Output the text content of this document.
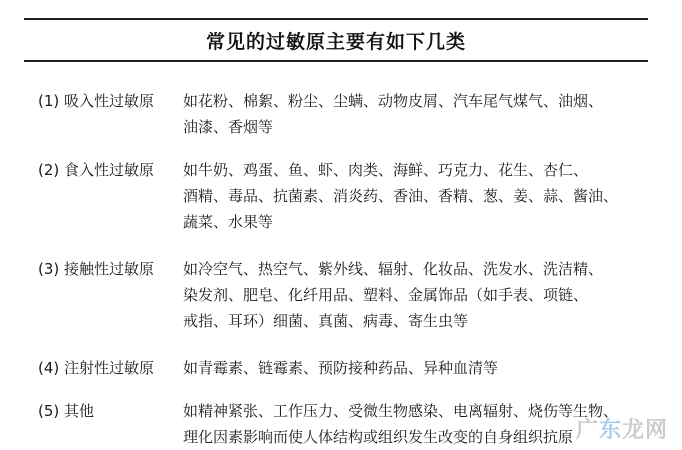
常见的过敏原主要有如下几类
(1) 吸入性过敏原 如花粉、棉絮、粉尘、尘螨、动物皮屑、汽车尾气煤气、油烟、
油漆、香烟等
(2) 食入性过敏原 如牛奶、鸡蛋、鱼、虾、肉类、海鲜、巧克力、花生、杏仁、
酒精、毒品、抗菌素、消炎药、香油、香精、葱、姜、蒜、酱油、
蔬菜、水果等
(3) 接触性过敏原 如冷空气、热空气、紫外线、辐射、化妆品、洗发水、洗洁精、
染发剂、肥皂、化纤用品、塑料、金属饰品（如手表、项链、
戒指、耳环）细菌、真菌、病毒、寄生虫等
(4) 注射性过敏原 如青霉素、链霉素、预防接种药品、异种血清等
(5) 其他	如精神紧张、工作压力、受微生物感染、电离辐射、烧伤等生物、
理化因素影响而使人体结构或组织发生改变的自身组织抗原 广东龙网
